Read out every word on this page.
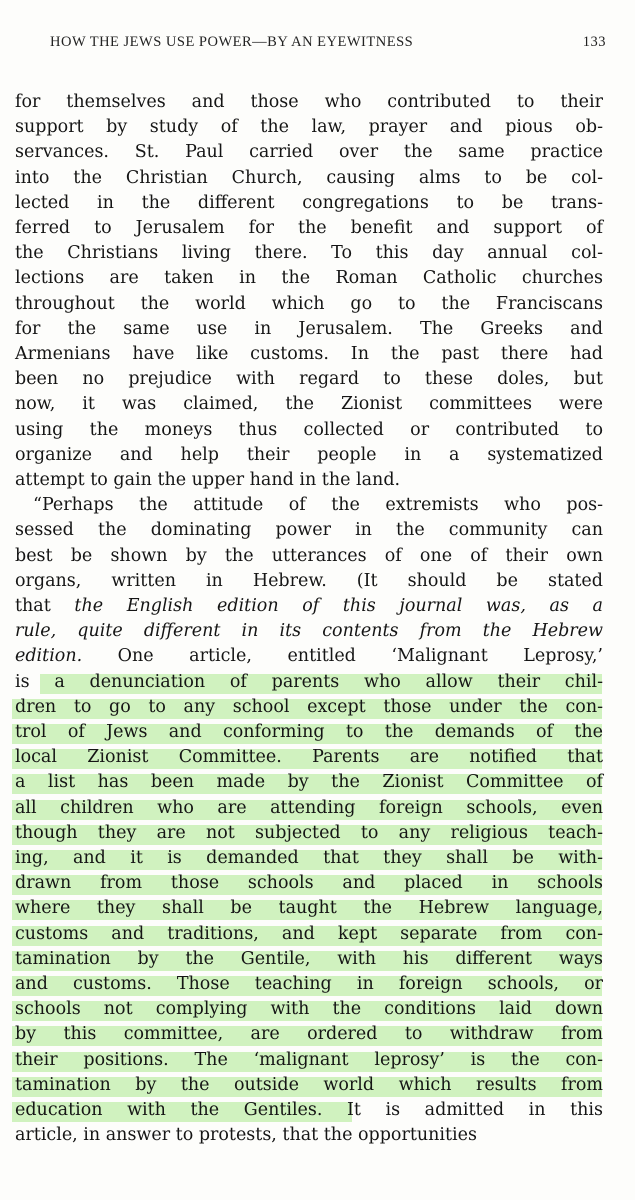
HOW THE JEWS USE POWER—BY AN EYEWITNESS	133
for themselves and those who contributed to their
support by study of the law, prayer and pious ob-
servances. St. Paul carried over the same practice
into the Christian Church, causing alms to be col-
lected in the different congregations to be trans-
ferred to Jerusalem for the benefit and support of
the Christians living there. To this day annual col-
lections are taken in the Roman Catholic churches
throughout the world which go to the Franciscans
for the same use in Jerusalem. The Greeks and
Armenians have like customs. In the past there had
been no prejudice with regard to these doles, but
now, it was claimed, the Zionist committees were
using the moneys thus collected or contributed to
organize and help their people in a systematized
attempt to gain the upper hand in the land.
“Perhaps the attitude of the extremists who pos-
sessed the dominating power in the community can
best be shown by the utterances of one of their own
organs, written in Hebrew. (It should be stated
that the English edition of this journal was, as a
rule, quite different in its contents from the Hebrew
edition. One article, entitled ‘Malignant Leprosy,’
is a denunciation of parents who allow their chil-
dren to go to any school except those under the con-
trol of Jews and conforming to the demands of the
local Zionist Committee. Parents are notified that
a list has been made by the Zionist Committee of
all children who are attending foreign schools, even
though they are not subjected to any religious teach-
ing, and it is demanded that they shall be with-
drawn from those schools and placed in schools
where they shall be taught the Hebrew language,
customs and traditions, and kept separate from con-
tamination by the Gentile, with his different ways
and customs. Those teaching in foreign schools, or
schools not complying with the conditions laid down
by this committee, are ordered to withdraw from
their positions. The ‘malignant leprosy’ is the con-
tamination by the outside world which results from
education with the Gentiles. It is admitted in this
article, in answer to protests, that the opportunities
